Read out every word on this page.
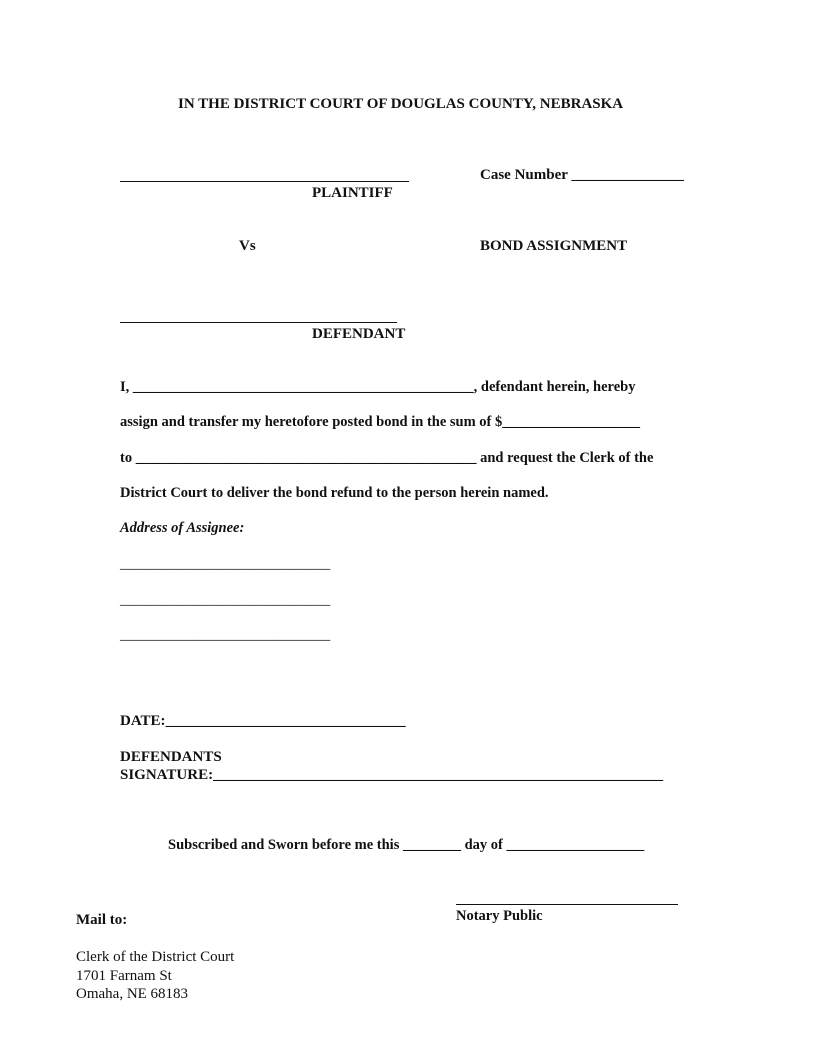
IN THE DISTRICT COURT OF DOUGLAS COUNTY, NEBRASKA
PLAINTIFF
Case Number _______________
Vs	BOND ASSIGNMENT
DEFENDANT
I, _______________________________________________, defendant herein, hereby
assign and transfer my heretofore posted bond in the sum of $___________________
to _______________________________________________ and request the Clerk of the
District Court to deliver the bond refund to the person herein named.
Address of Assignee:
_____________________________
_____________________________
_____________________________
DATE:________________________________
DEFENDANTS
SIGNATURE:____________________________________________________________
Subscribed and Sworn before me this ________ day of ___________________
Notary Public
Mail to:
Clerk of the District Court
1701 Farnam St
Omaha, NE 68183
